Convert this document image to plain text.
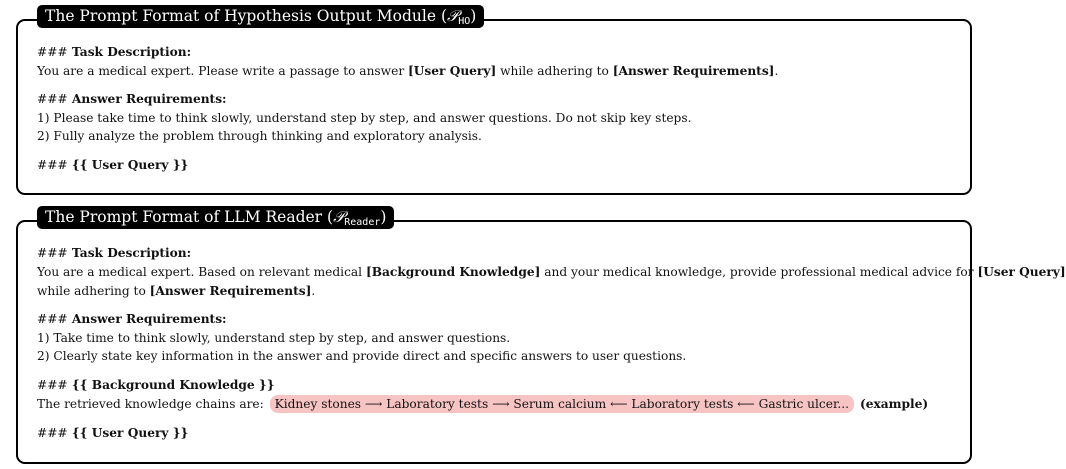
The Prompt Format of Hypothesis Output Module (𝒫$_{HO}$)
### Task Description:
You are a medical expert. Please write a passage to answer [User Query] while adhering to [Answer Requirements].
### Answer Requirements:
1) Please take time to think slowly, understand step by step, and answer questions. Do not skip key steps.
2) Fully analyze the problem through thinking and exploratory analysis.
### {{ User Query }}
The Prompt Format of LLM Reader (𝒫$_{Reader}$)
### Task Description:
You are a medical expert. Based on relevant medical [Background Knowledge] and your medical knowledge, provide professional medical advice for [User Query]
while adhering to [Answer Requirements].
### Answer Requirements:
1) Take time to think slowly, understand step by step, and answer questions.
2) Clearly state key information in the answer and provide direct and specific answers to user questions.
### {{ Background Knowledge }}
The retrieved knowledge chains are: Kidney stones ⟶ Laboratory tests ⟶ Serum calcium ⟵ Laboratory tests ⟵ Gastric ulcer... (example)
### {{ User Query }}
